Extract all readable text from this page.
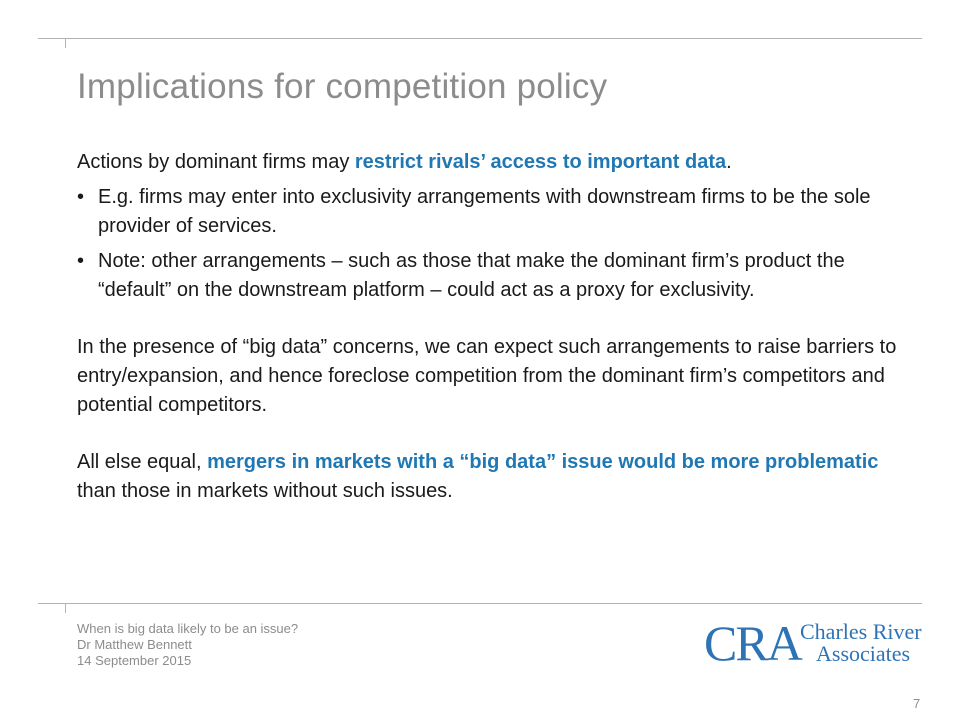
Implications for competition policy

Actions by dominant firms may restrict rivals’ access to important data.

• E.g. firms may enter into exclusivity arrangements with downstream firms to be the sole provider of services.

• Note: other arrangements – such as those that make the dominant firm’s product the “default” on the downstream platform – could act as a proxy for exclusivity.

In the presence of “big data” concerns, we can expect such arrangements to raise barriers to entry/expansion, and hence foreclose competition from the dominant firm’s competitors and potential competitors.

All else equal, mergers in markets with a “big data” issue would be more problematic than those in markets without such issues.

When is big data likely to be an issue?
Dr Matthew Bennett
14 September 2015	CRA Charles River
Associates
7
